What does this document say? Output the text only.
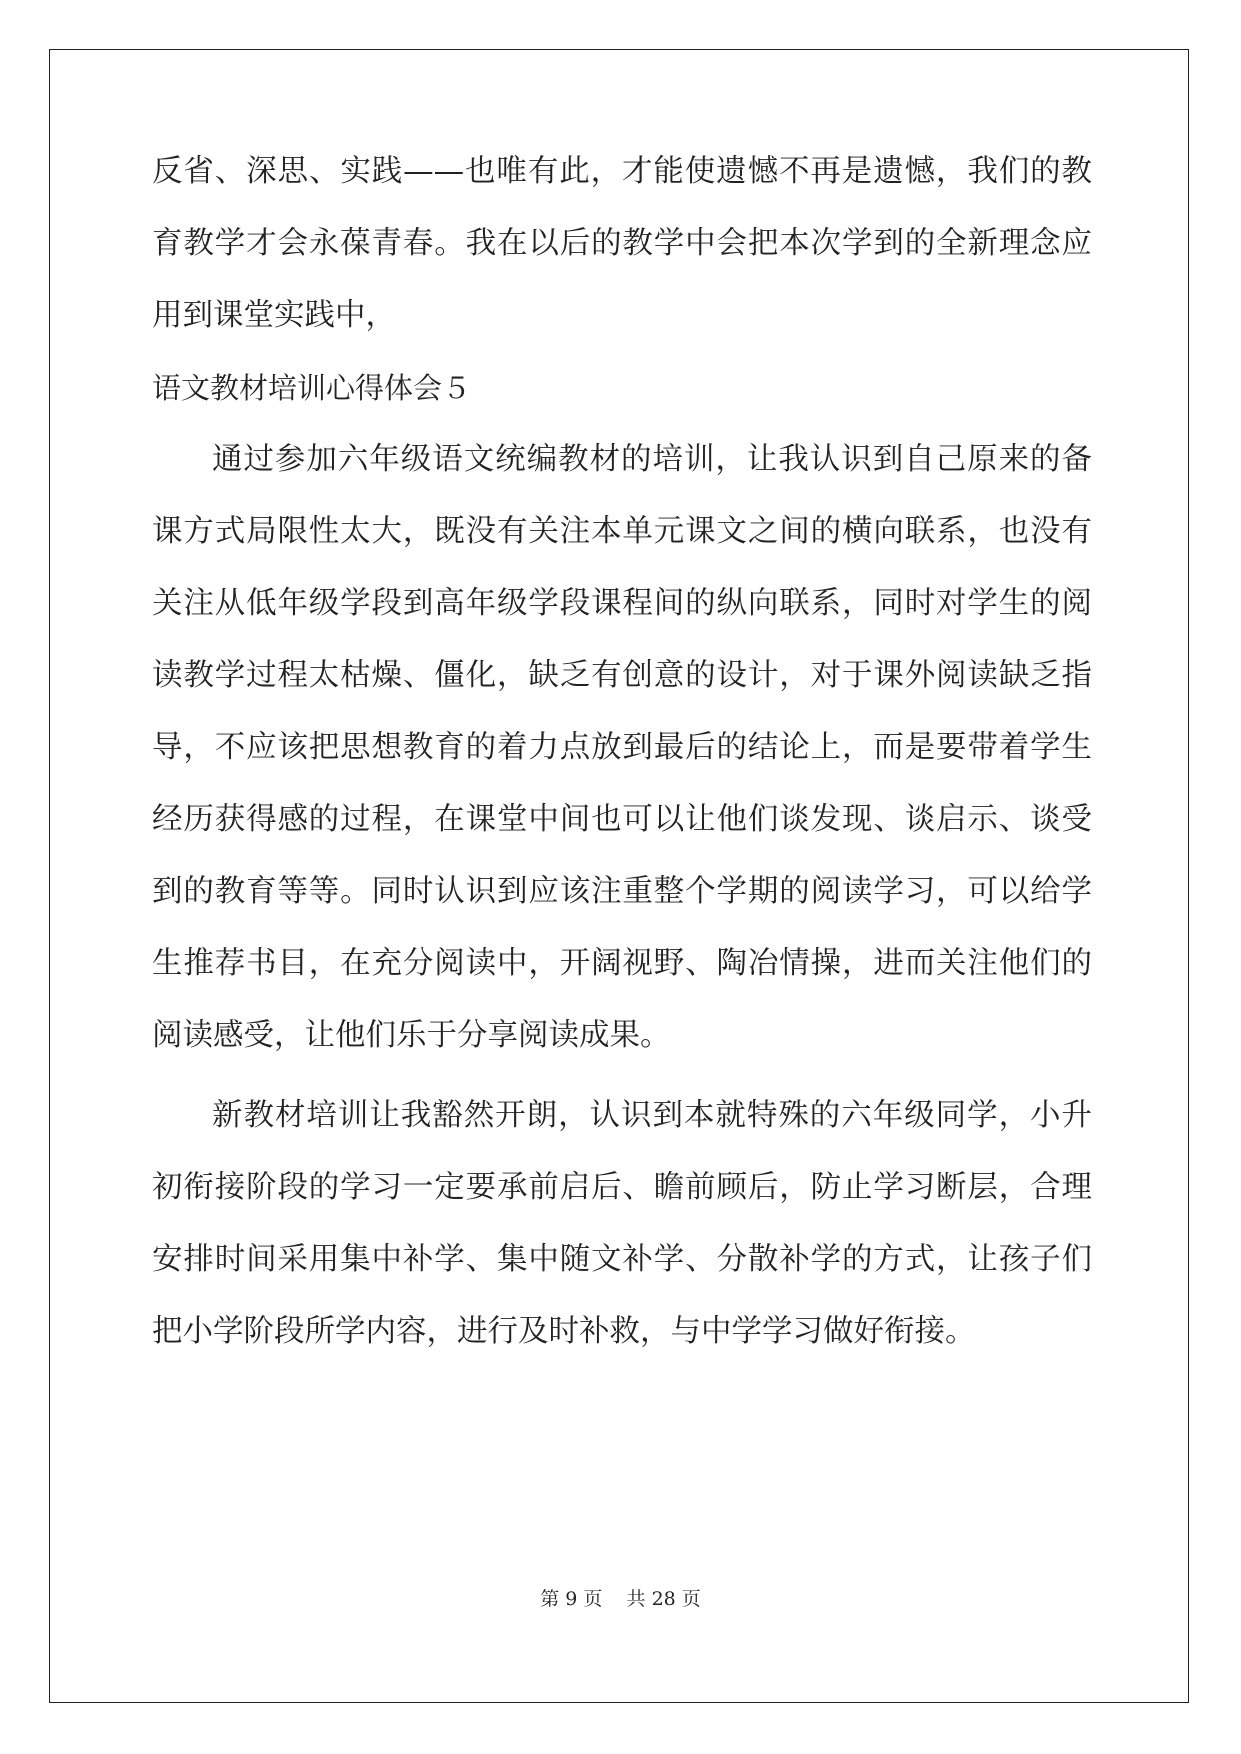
反省、深思、实践——也唯有此，才能使遗憾不再是遗憾，我们的教
育教学才会永葆青春。我在以后的教学中会把本次学到的全新理念应
用到课堂实践中，
语文教材培训心得体会５
通过参加六年级语文统编教材的培训，让我认识到自己原来的备
课方式局限性太大，既没有关注本单元课文之间的横向联系，也没有
关注从低年级学段到高年级学段课程间的纵向联系，同时对学生的阅
读教学过程太枯燥、僵化，缺乏有创意的设计，对于课外阅读缺乏指
导，不应该把思想教育的着力点放到最后的结论上，而是要带着学生
经历获得感的过程，在课堂中间也可以让他们谈发现、谈启示、谈受
到的教育等等。同时认识到应该注重整个学期的阅读学习，可以给学
生推荐书目，在充分阅读中，开阔视野、陶冶情操，进而关注他们的
阅读感受，让他们乐于分享阅读成果。
新教材培训让我豁然开朗，认识到本就特殊的六年级同学，小升
初衔接阶段的学习一定要承前启后、瞻前顾后，防止学习断层，合理
安排时间采用集中补学、集中随文补学、分散补学的方式，让孩子们
把小学阶段所学内容，进行及时补救，与中学学习做好衔接。
第 9 页    共 28 页
